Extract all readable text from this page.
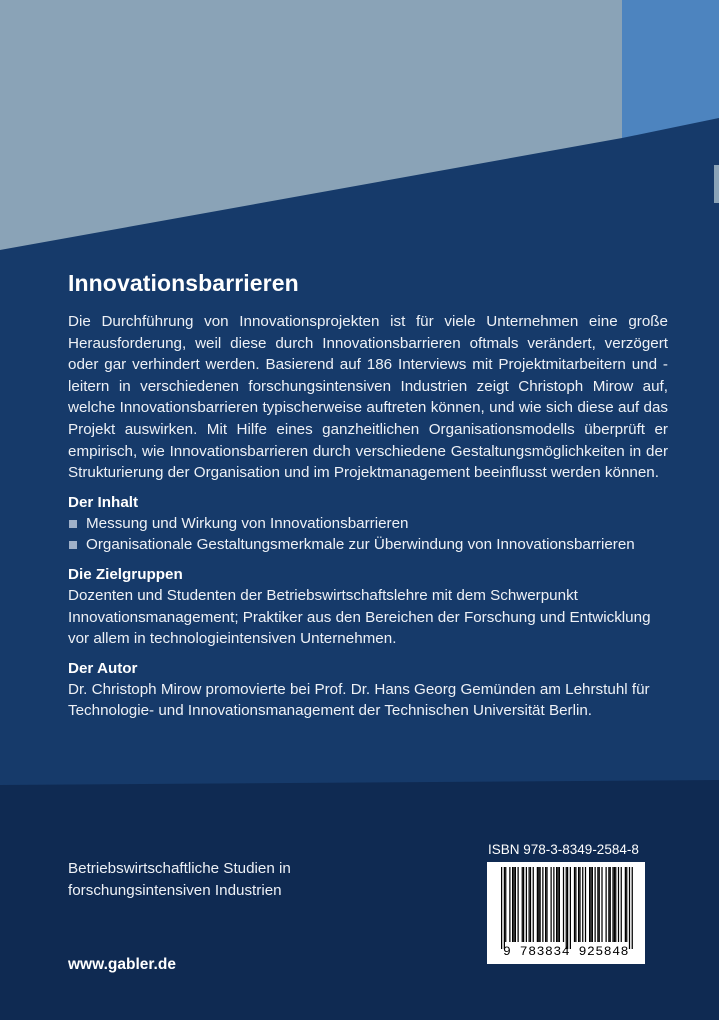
Innovationsbarrieren

Die Durchführung von Innovationsprojekten ist für viele Unternehmen eine große Herausforderung, weil diese durch Innovationsbarrieren oftmals verändert, verzögert oder gar verhindert werden. Basierend auf 186 Interviews mit Projektmitarbeitern und -leitern in verschiedenen forschungsintensiven Industrien zeigt Christoph Mirow auf, welche Innovationsbarrieren typischerweise auftreten können, und wie sich diese auf das Projekt auswirken. Mit Hilfe eines ganzheitlichen Organisationsmodells überprüft er empirisch, wie Innovationsbarrieren durch verschiedene Gestaltungsmöglichkeiten in der Strukturierung der Organisation und im Projektmanagement beeinflusst werden können.

Der Inhalt

Messung und Wirkung von Innovationsbarrieren
Organisationale Gestaltungsmerkmale zur Überwindung von Innovationsbarrieren

Die Zielgruppen

Dozenten und Studenten der Betriebswirtschaftslehre mit dem Schwerpunkt Innovationsmanagement; Praktiker aus den Bereichen der Forschung und Entwicklung vor allem in technologieintensiven Unternehmen.

Der Autor

Dr. Christoph Mirow promovierte bei Prof. Dr. Hans Georg Gemünden am Lehrstuhl für Technologie- und Innovationsmanagement der Technischen Universität Berlin.

Betriebswirtschaftliche Studien in forschungsintensiven Industrien
www.gabler.de
ISBN 978-3-8349-2584-8
9 783834 925848
